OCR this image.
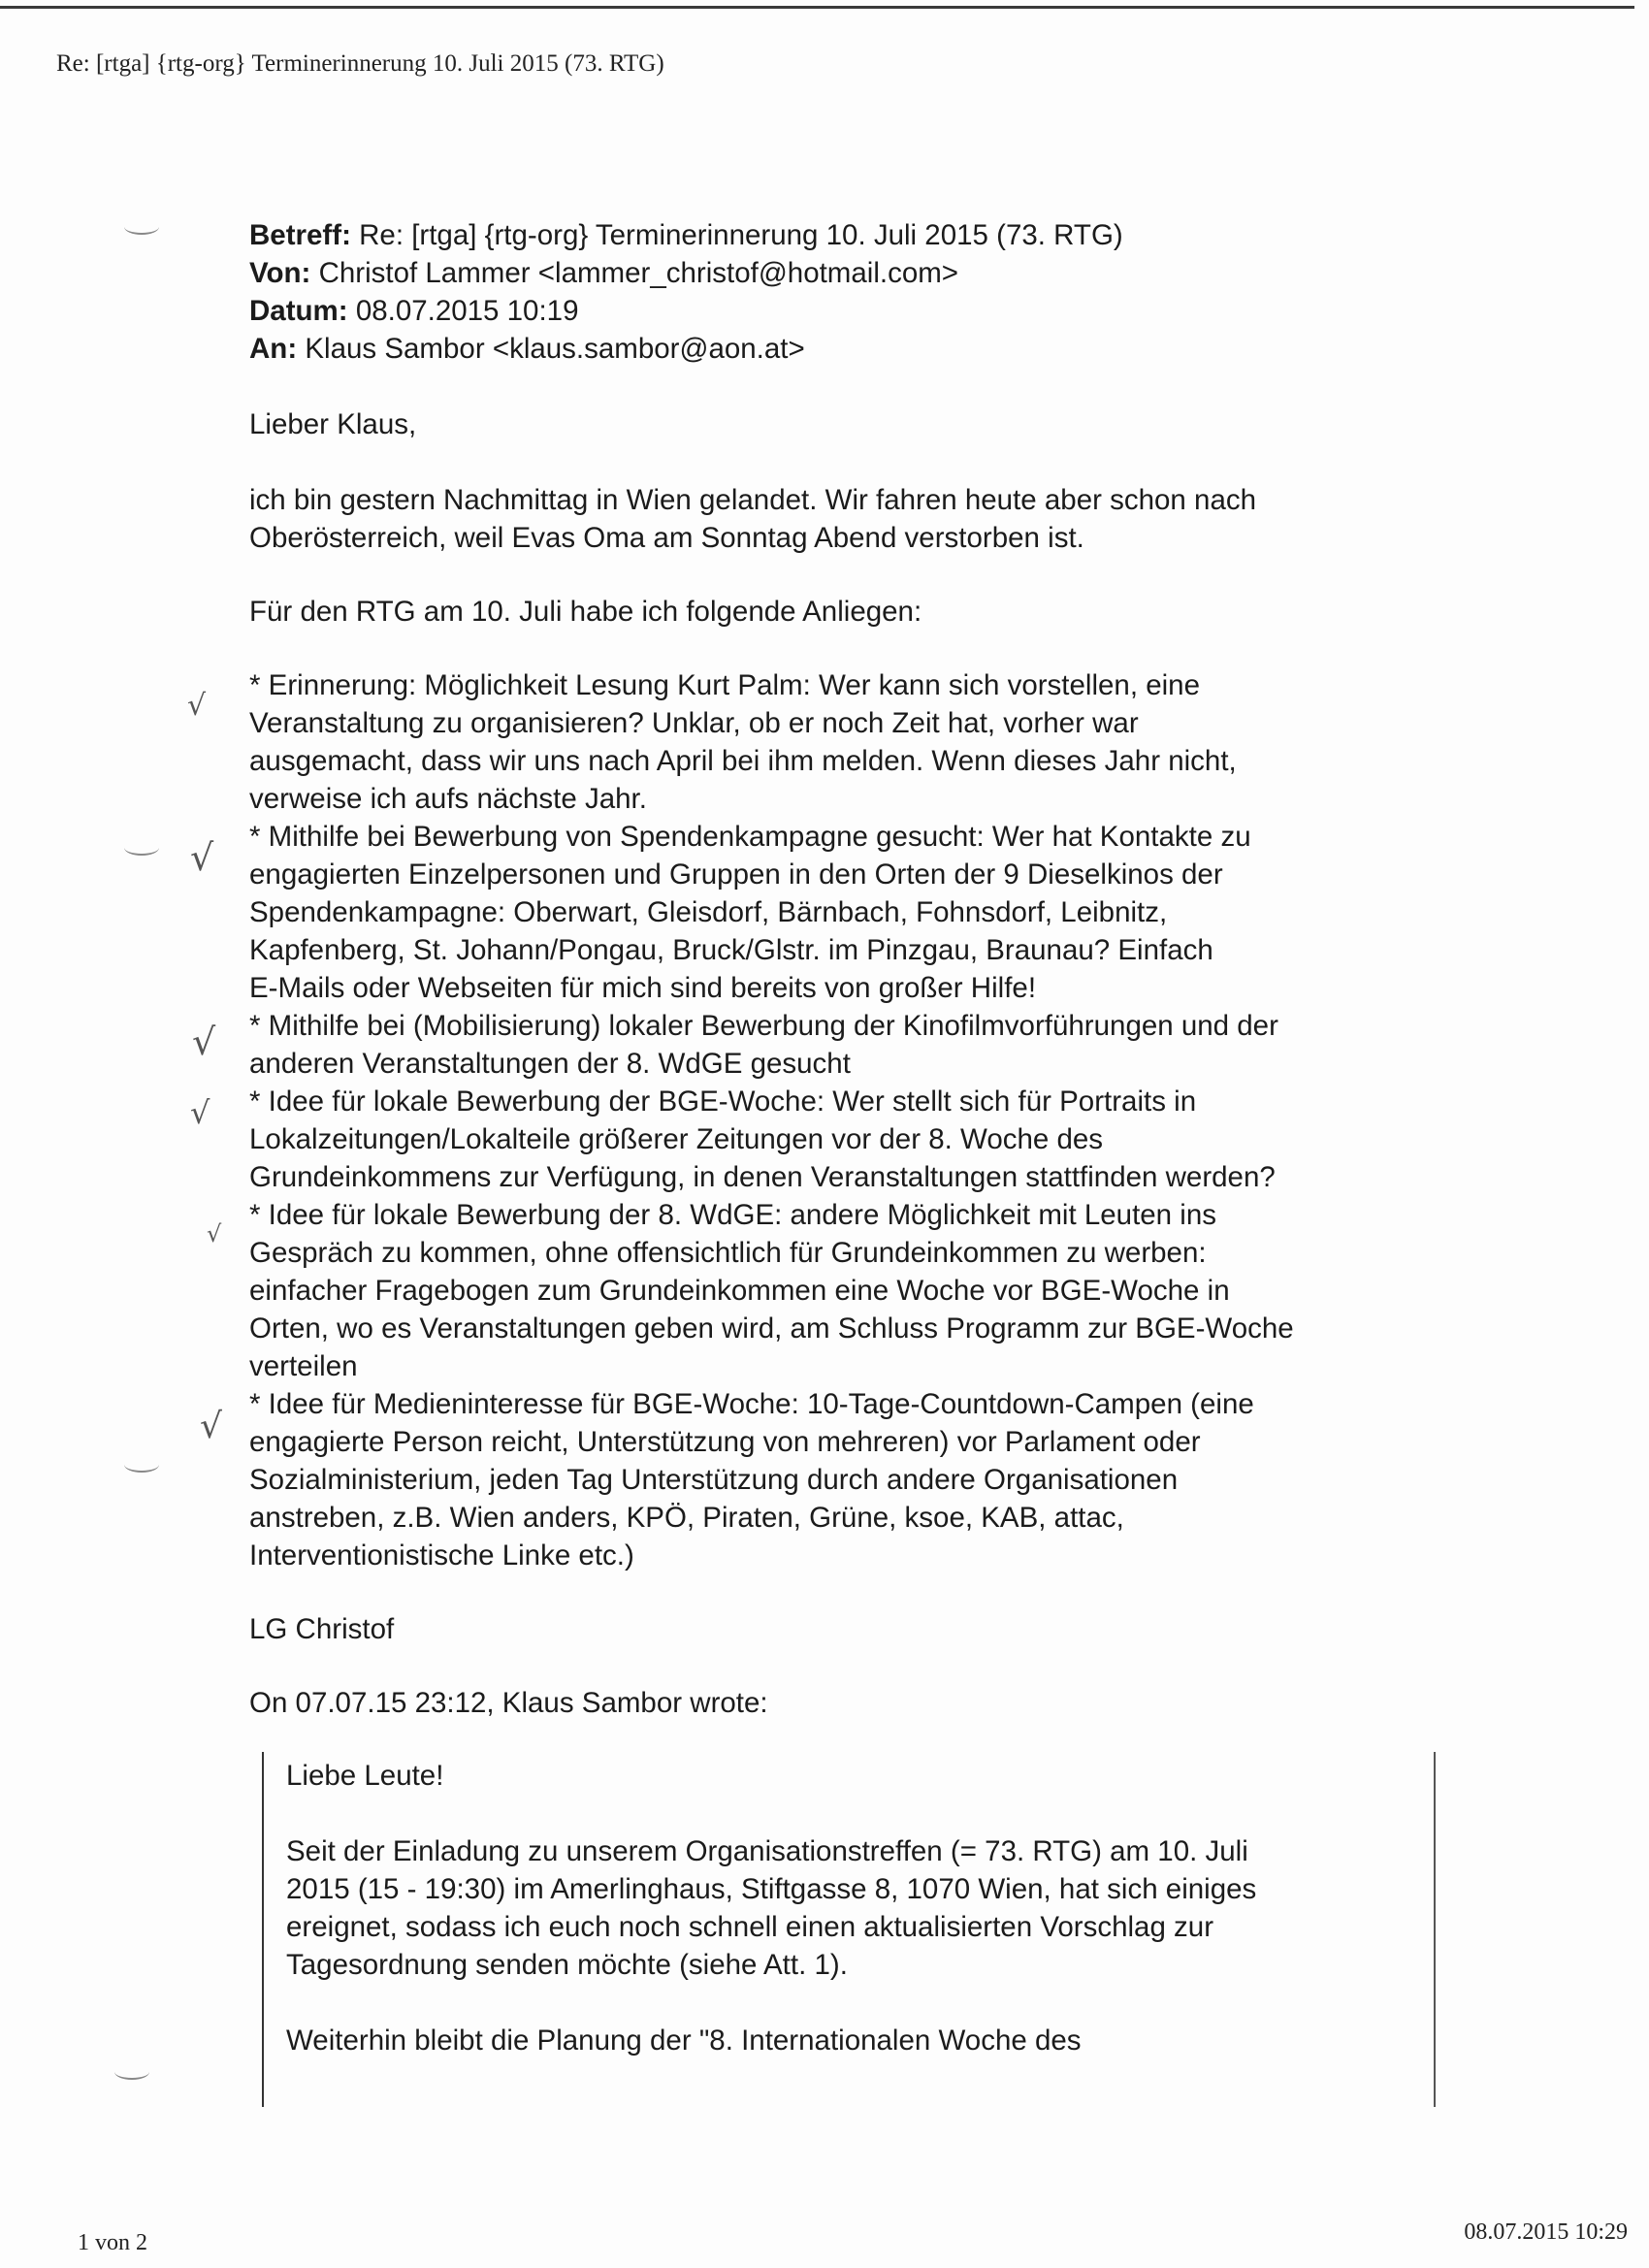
Re: [rtga] {rtg-org} Terminerinnerung 10. Juli 2015 (73. RTG)
√
√
√
√
√
√
Betreff: Re: [rtga] {rtg-org} Terminerinnerung 10. Juli 2015 (73. RTG)
Von: Christof Lammer <lammer_christof@hotmail.com>
Datum: 08.07.2015 10:19
An: Klaus Sambor <klaus.sambor@aon.at>
Lieber Klaus,
ich bin gestern Nachmittag in Wien gelandet. Wir fahren heute aber schon nach
Oberösterreich, weil Evas Oma am Sonntag Abend verstorben ist.
Für den RTG am 10. Juli habe ich folgende Anliegen:
* Erinnerung: Möglichkeit Lesung Kurt Palm: Wer kann sich vorstellen, eine
Veranstaltung zu organisieren? Unklar, ob er noch Zeit hat, vorher war
ausgemacht, dass wir uns nach April bei ihm melden. Wenn dieses Jahr nicht,
verweise ich aufs nächste Jahr.
* Mithilfe bei Bewerbung von Spendenkampagne gesucht: Wer hat Kontakte zu
engagierten Einzelpersonen und Gruppen in den Orten der 9 Dieselkinos der
Spendenkampagne: Oberwart, Gleisdorf, Bärnbach, Fohnsdorf, Leibnitz,
Kapfenberg, St. Johann/Pongau, Bruck/Glstr. im Pinzgau, Braunau? Einfach
E-Mails oder Webseiten für mich sind bereits von großer Hilfe!
* Mithilfe bei (Mobilisierung) lokaler Bewerbung der Kinofilmvorführungen und der
anderen Veranstaltungen der 8. WdGE gesucht
* Idee für lokale Bewerbung der BGE-Woche: Wer stellt sich für Portraits in
Lokalzeitungen/Lokalteile größerer Zeitungen vor der 8. Woche des
Grundeinkommens zur Verfügung, in denen Veranstaltungen stattfinden werden?
* Idee für lokale Bewerbung der 8. WdGE: andere Möglichkeit mit Leuten ins
Gespräch zu kommen, ohne offensichtlich für Grundeinkommen zu werben:
einfacher Fragebogen zum Grundeinkommen eine Woche vor BGE-Woche in
Orten, wo es Veranstaltungen geben wird, am Schluss Programm zur BGE-Woche
verteilen
* Idee für Medieninteresse für BGE-Woche: 10-Tage-Countdown-Campen (eine
engagierte Person reicht, Unterstützung von mehreren) vor Parlament oder
Sozialministerium, jeden Tag Unterstützung durch andere Organisationen
anstreben, z.B. Wien anders, KPÖ, Piraten, Grüne, ksoe, KAB, attac,
Interventionistische Linke etc.)
LG Christof
On 07.07.15 23:12, Klaus Sambor wrote:
Liebe Leute!
Seit der Einladung zu unserem Organisationstreffen (= 73. RTG) am 10. Juli
2015 (15 - 19:30) im Amerlinghaus, Stiftgasse 8, 1070 Wien, hat sich einiges
ereignet, sodass ich euch noch schnell einen aktualisierten Vorschlag zur
Tagesordnung senden möchte (siehe Att. 1).
Weiterhin bleibt die Planung der "8. Internationalen Woche des
1 von 2	08.07.2015 10:29
